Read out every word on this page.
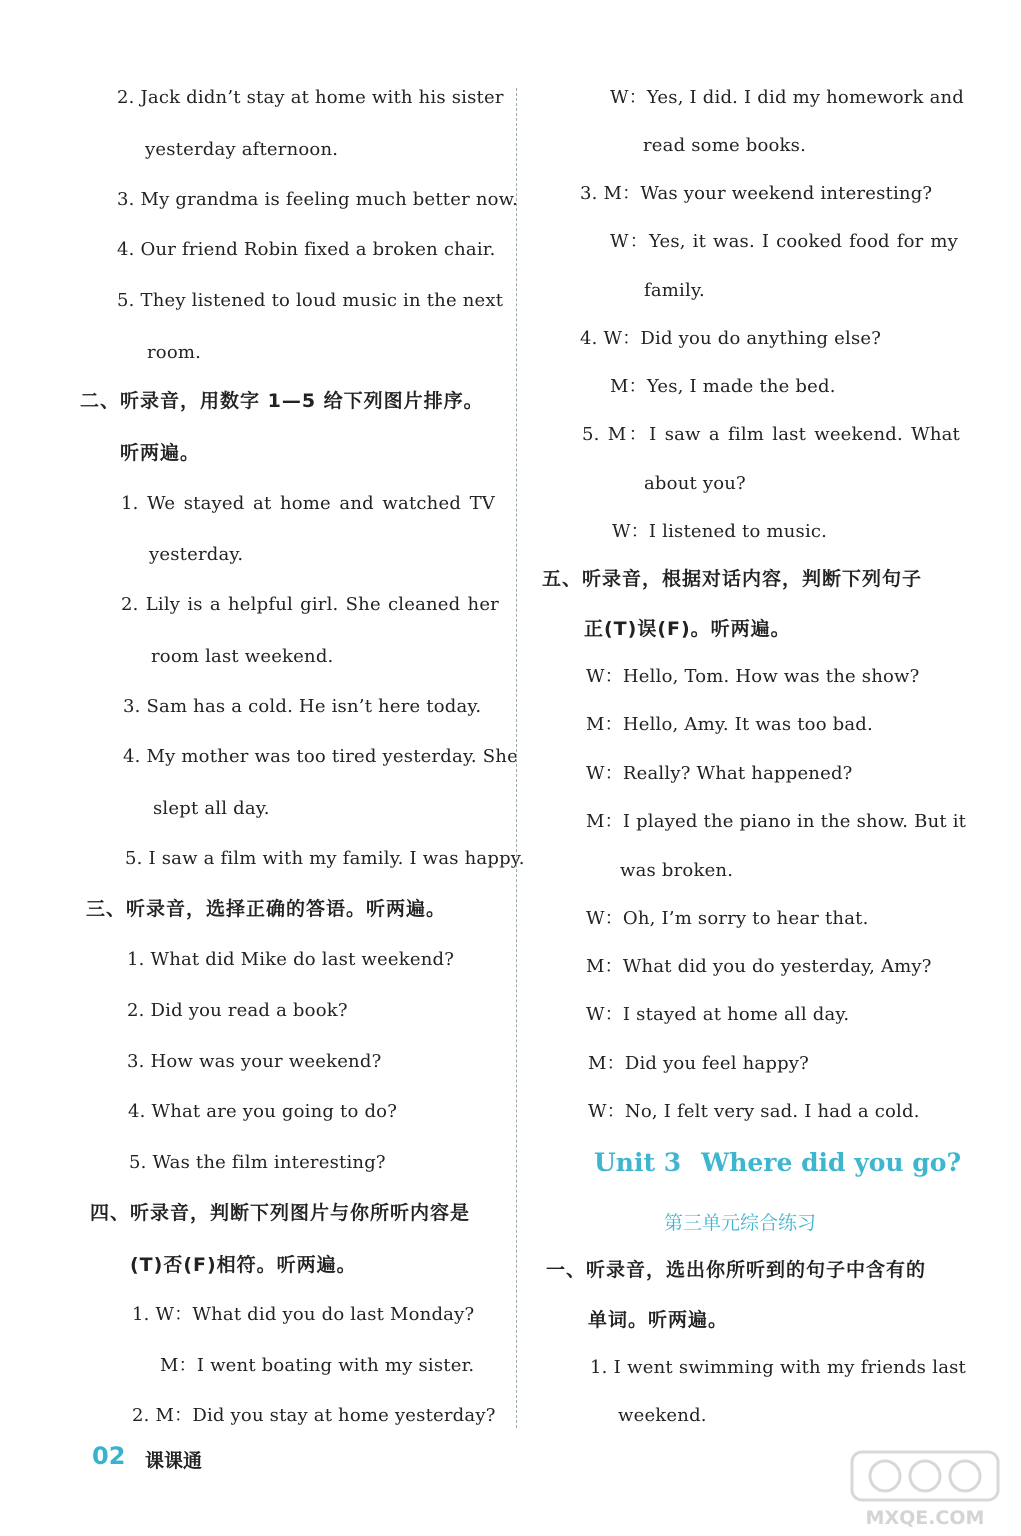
2. Jack didn’t stay at home with his sister
yesterday afternoon.
3. My grandma is feeling much better now.
4. Our friend Robin fixed a broken chair.
5. They listened to loud music in the next
room.
二、听录音，用数字 1—5 给下列图片排序。
听两遍。
1. We stayed at home and watched TV
yesterday.
2. Lily is a helpful girl. She cleaned her
room last weekend.
3. Sam has a cold. He isn’t here today.
4. My mother was too tired yesterday. She
slept all day.
5. I saw a film with my family. I was happy.
三、听录音，选择正确的答语。听两遍。
1. What did Mike do last weekend?
2. Did you read a book?
3. How was your weekend?
4. What are you going to do?
5. Was the film interesting?
四、听录音，判断下列图片与你所听内容是
(T)否(F)相符。听两遍。
1. W：What did you do last Monday?
M：I went boating with my sister.
2. M：Did you stay at home yesterday?
W：Yes, I did. I did my homework and
read some books.
3. M：Was your weekend interesting?
W：Yes, it was. I cooked food for my
family.
4. W：Did you do anything else?
M：Yes, I made the bed.
5. M：I saw a film last weekend. What
about you?
W：I listened to music.
五、听录音，根据对话内容，判断下列句子
正(T)误(F)。听两遍。
W：Hello, Tom. How was the show?
M：Hello, Amy. It was too bad.
W：Really? What happened?
M：I played the piano in the show. But it
was broken.
W：Oh, I’m sorry to hear that.
M：What did you do yesterday, Amy?
W：I stayed at home all day.
M：Did you feel happy?
W：No, I felt very sad. I had a cold.
Unit 3 Where did you go?
第三单元综合练习
一、听录音，选出你所听到的句子中含有的
单词。听两遍。
1. I went swimming with my friends last
weekend.
02 课课通
MXQE.COM
